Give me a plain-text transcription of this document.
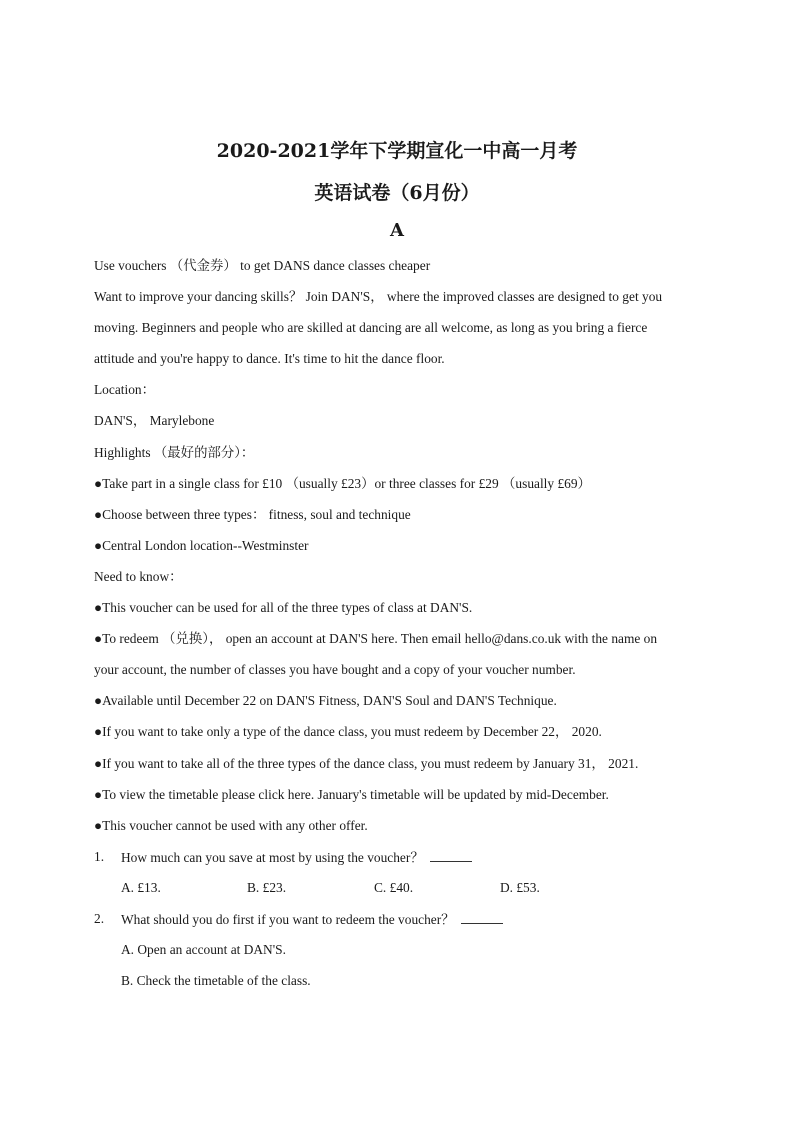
2020-2021学年下学期宣化一中高一月考
英语试卷（6月份）
A
Use vouchers （代金券） to get DANS dance classes cheaper
Want to improve your dancing skills？ Join DAN'S， where the improved classes are designed to get you
moving. Beginners and people who are skilled at dancing are all welcome, as long as you bring a fierce
attitude and you're happy to dance. It's time to hit the dance floor.
Location：
DAN'S， Marylebone
Highlights （最好的部分）：
●Take part in a single class for £10 （usually £23）or three classes for £29 （usually £69）
●Choose between three types： fitness, soul and technique
●Central London location--Westminster
Need to know：
●This voucher can be used for all of the three types of class at DAN'S.
●To redeem （兑换）， open an account at DAN'S here. Then email hello@dans.co.uk with the name on
your account, the number of classes you have bought and a copy of your voucher number.
●Available until December 22 on DAN'S Fitness, DAN'S Soul and DAN'S Technique.
●If you want to take only a type of the dance class, you must redeem by December 22， 2020.
●If you want to take all of the three types of the dance class, you must redeem by January 31， 2021.
●To view the timetable please click here. January's timetable will be updated by mid-December.
●This voucher cannot be used with any other offer.
1. How much can you save at most by using the voucher？
A. £13.	B. £23.	C. £40.	D. £53.
2. What should you do first if you want to redeem the voucher？
A. Open an account at DAN'S.
B. Check the timetable of the class.
